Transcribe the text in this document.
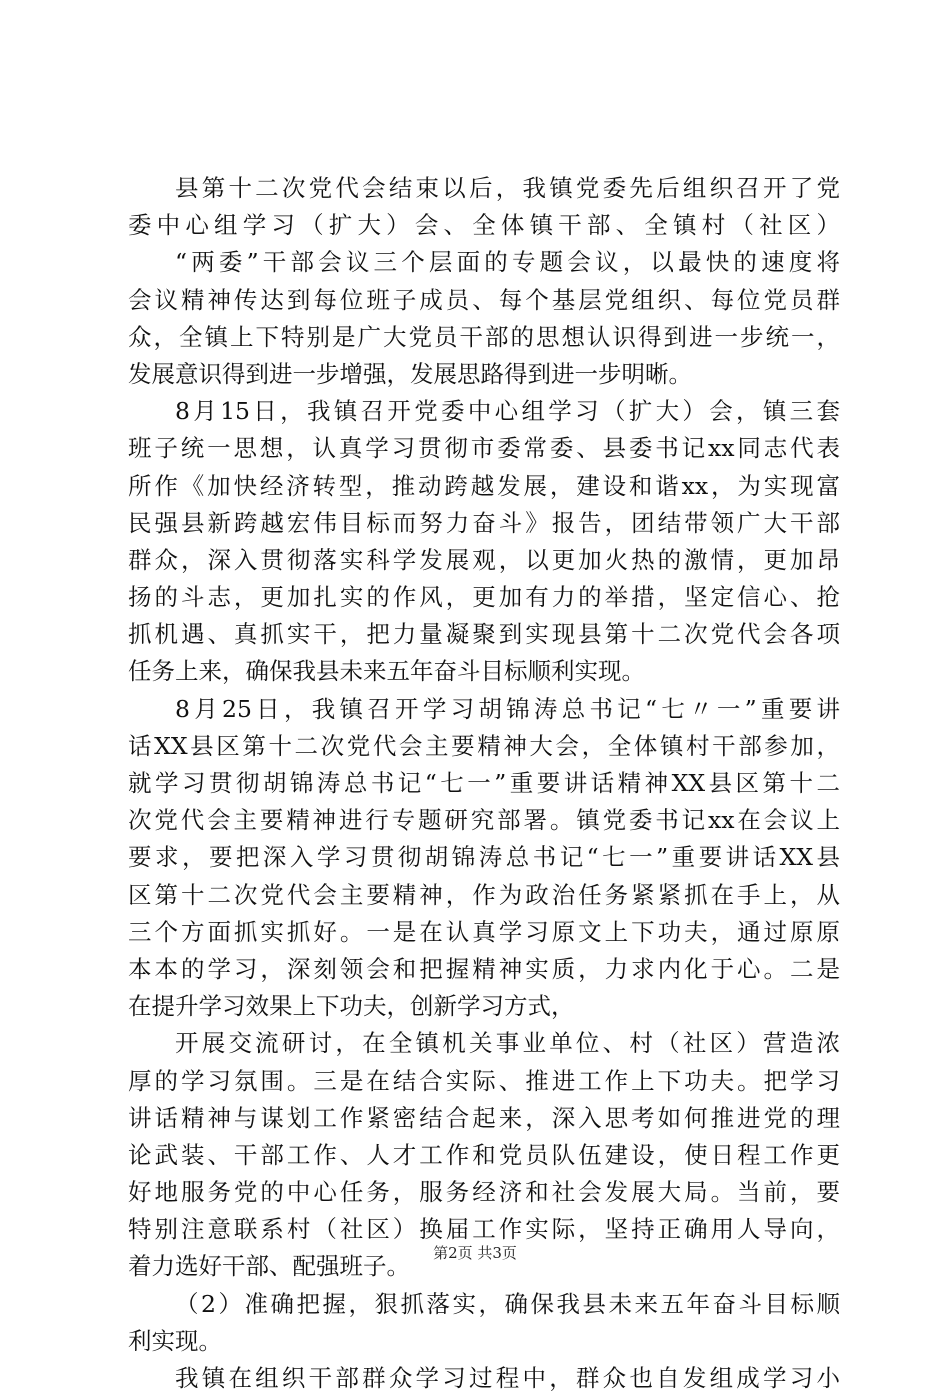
县第十二次党代会结束以后，我镇党委先后组织召开了党
委中心组学习（扩大）会、全体镇干部、全镇村（社区）
“两委”干部会议三个层面的专题会议，以最快的速度将
会议精神传达到每位班子成员、每个基层党组织、每位党员群
众，全镇上下特别是广大党员干部的思想认识得到进一步统一，
发展意识得到进一步增强，发展思路得到进一步明晰。
8月15日，我镇召开党委中心组学习（扩大）会，镇三套
班子统一思想，认真学习贯彻市委常委、县委书记xx同志代表
所作《加快经济转型，推动跨越发展，建设和谐xx，为实现富
民强县新跨越宏伟目标而努力奋斗》报告，团结带领广大干部
群众，深入贯彻落实科学发展观，以更加火热的激情，更加昂
扬的斗志，更加扎实的作风，更加有力的举措，坚定信心、抢
抓机遇、真抓实干，把力量凝聚到实现县第十二次党代会各项
任务上来，确保我县未来五年奋斗目标顺利实现。
8月25日，我镇召开学习胡锦涛总书记“七〃一”重要讲
话XX县区第十二次党代会主要精神大会，全体镇村干部参加，
就学习贯彻胡锦涛总书记“七一”重要讲话精神XX县区第十二
次党代会主要精神进行专题研究部署。镇党委书记xx在会议上
要求，要把深入学习贯彻胡锦涛总书记“七一”重要讲话XX县
区第十二次党代会主要精神，作为政治任务紧紧抓在手上，从
三个方面抓实抓好。一是在认真学习原文上下功夫，通过原原
本本的学习，深刻领会和把握精神实质，力求内化于心。二是
在提升学习效果上下功夫，创新学习方式，
开展交流研讨，在全镇机关事业单位、村（社区）营造浓
厚的学习氛围。三是在结合实际、推进工作上下功夫。把学习
讲话精神与谋划工作紧密结合起来，深入思考如何推进党的理
论武装、干部工作、人才工作和党员队伍建设，使日程工作更
好地服务党的中心任务，服务经济和社会发展大局。当前，要
特别注意联系村（社区）换届工作实际，坚持正确用人导向，
着力选好干部、配强班子。
（2）准确把握，狠抓落实，确保我县未来五年奋斗目标顺
利实现。
我镇在组织干部群众学习过程中，群众也自发组成学习小
第2页 共3页
